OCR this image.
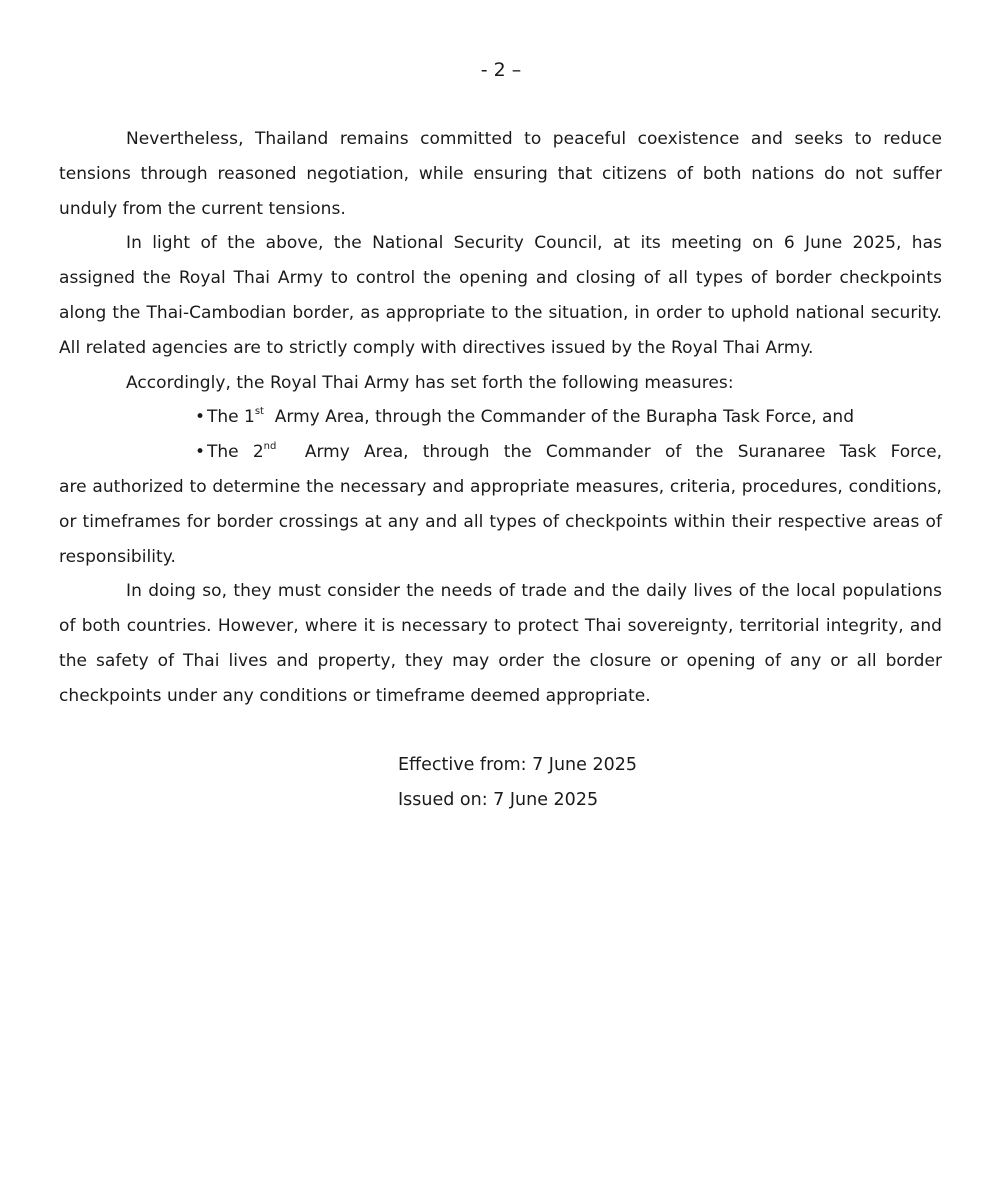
- 2 –

Nevertheless, Thailand remains committed to peaceful coexistence and seeks to reduce tensions through reasoned negotiation, while ensuring that citizens of both nations do not suffer unduly from the current tensions.

In light of the above, the National Security Council, at its meeting on 6 June 2025, has assigned the Royal Thai Army to control the opening and closing of all types of border checkpoints along the Thai-Cambodian border, as appropriate to the situation, in order to uphold national security. All related agencies are to strictly comply with directives issued by the Royal Thai Army.

Accordingly, the Royal Thai Army has set forth the following measures:

• The 1st Army Area, through the Commander of the Burapha Task Force, and

• The 2nd Army Area, through the Commander of the Suranaree Task Force,

are authorized to determine the necessary and appropriate measures, criteria, procedures, conditions, or timeframes for border crossings at any and all types of checkpoints within their respective areas of responsibility.

In doing so, they must consider the needs of trade and the daily lives of the local populations of both countries. However, where it is necessary to protect Thai sovereignty, territorial integrity, and the safety of Thai lives and property, they may order the closure or opening of any or all border checkpoints under any conditions or timeframe deemed appropriate.

Effective from: 7 June 2025
Issued on: 7 June 2025
